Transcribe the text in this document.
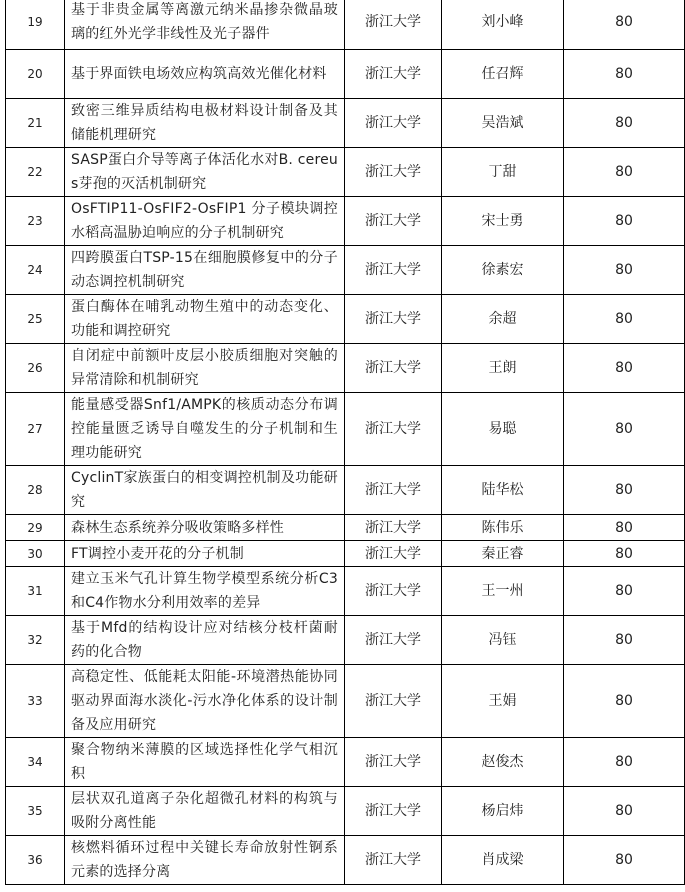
19	基于非贵金属等离激元纳米晶掺杂微晶玻璃的红外光学非线性及光子器件	浙江大学	刘小峰	80
20	基于界面铁电场效应构筑高效光催化材料	浙江大学	任召辉	80
21	致密三维异质结构电极材料设计制备及其储能机理研究	浙江大学	吴浩斌	80
22	SASP蛋白介导等离子体活化水对B. cereus芽孢的灭活机制研究	浙江大学	丁甜	80
23	OsFTIP11-OsFIF2-OsFIP1 分子模块调控水稻高温胁迫响应的分子机制研究	浙江大学	宋士勇	80
24	四跨膜蛋白TSP-15在细胞膜修复中的分子动态调控机制研究	浙江大学	徐素宏	80
25	蛋白酶体在哺乳动物生殖中的动态变化、功能和调控研究	浙江大学	余超	80
26	自闭症中前额叶皮层小胶质细胞对突触的异常清除和机制研究	浙江大学	王朗	80
27	能量感受器Snf1/AMPK的核质动态分布调控能量匮乏诱导自噬发生的分子机制和生理功能研究	浙江大学	易聪	80
28	CyclinT家族蛋白的相变调控机制及功能研究	浙江大学	陆华松	80
29	森林生态系统养分吸收策略多样性	浙江大学	陈伟乐	80
30	FT调控小麦开花的分子机制	浙江大学	秦正睿	80
31	建立玉米气孔计算生物学模型系统分析C3和C4作物水分利用效率的差异	浙江大学	王一州	80
32	基于Mfd的结构设计应对结核分枝杆菌耐药的化合物	浙江大学	冯钰	80
33	高稳定性、低能耗太阳能-环境潜热能协同驱动界面海水淡化-污水净化体系的设计制备及应用研究	浙江大学	王娟	80
34	聚合物纳米薄膜的区域选择性化学气相沉积	浙江大学	赵俊杰	80
35	层状双孔道离子杂化超微孔材料的构筑与吸附分离性能	浙江大学	杨启炜	80
36	核燃料循环过程中关键长寿命放射性锕系元素的选择分离	浙江大学	肖成梁	80
